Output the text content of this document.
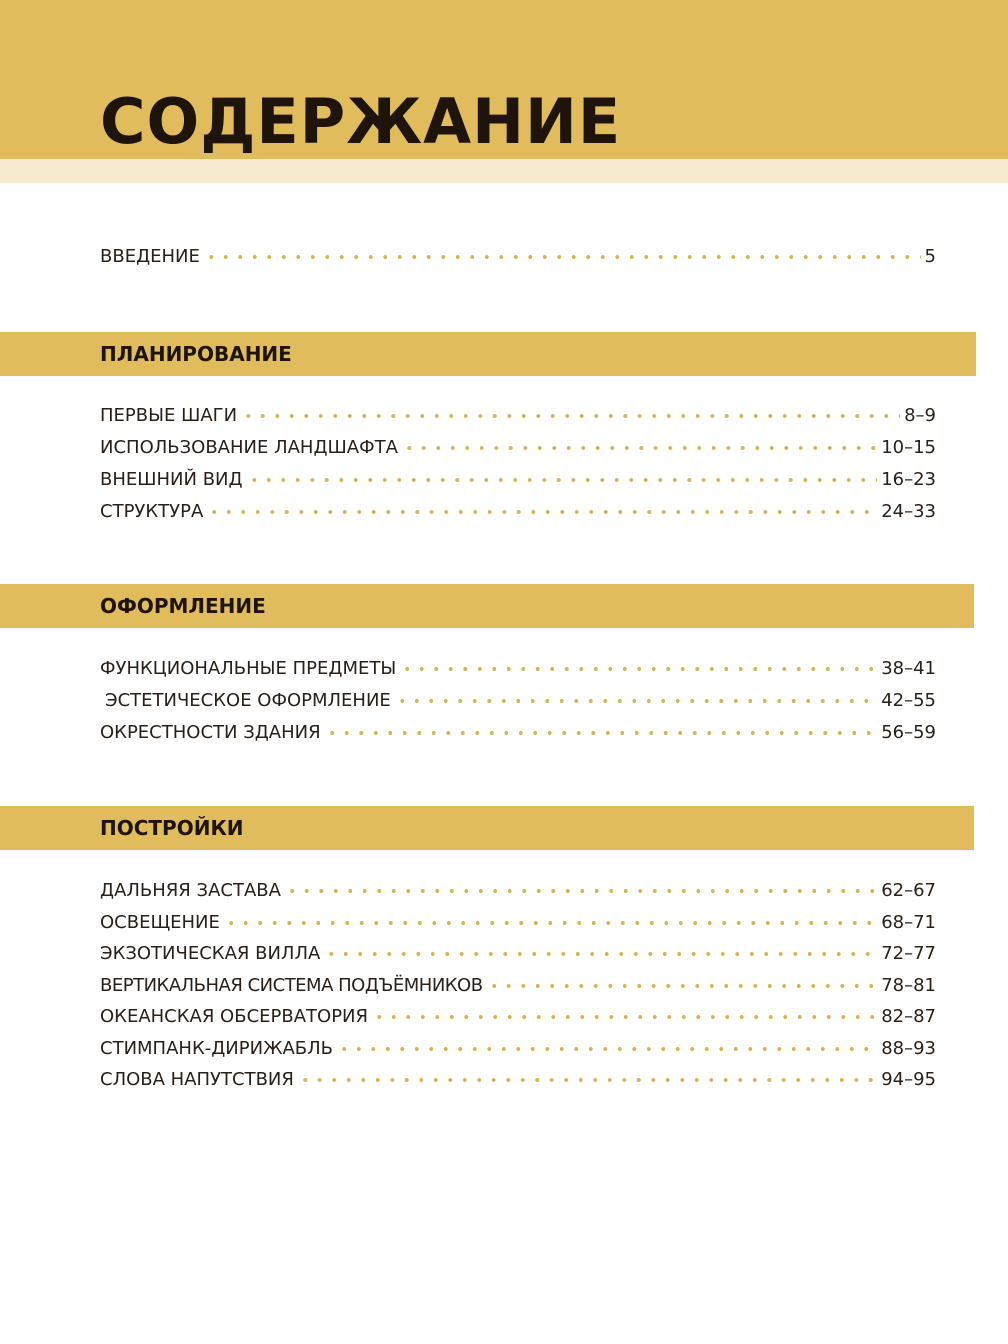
СОДЕРЖАНИЕ
ВВЕДЕНИЕ	5
ПЛАНИРОВАНИЕ
ПЕРВЫЕ ШАГИ	8–9
ИСПОЛЬЗОВАНИЕ ЛАНДШАФТА	10–15
ВНЕШНИЙ ВИД	16–23
СТРУКТУРА	24–33
ОФОРМЛЕНИЕ
ФУНКЦИОНАЛЬНЫЕ ПРЕДМЕТЫ	38–41
ЭСТЕТИЧЕСКОЕ ОФОРМЛЕНИЕ	42–55
ОКРЕСТНОСТИ ЗДАНИЯ	56–59
ПОСТРОЙКИ
ДАЛЬНЯЯ ЗАСТАВА	62–67
ОСВЕЩЕНИЕ	68–71
ЭКЗОТИЧЕСКАЯ ВИЛЛА	72–77
ВЕРТИКАЛЬНАЯ СИСТЕМА ПОДЪЁМНИКОВ	78–81
ОКЕАНСКАЯ ОБСЕРВАТОРИЯ	82–87
СТИМПАНК-ДИРИЖАБЛЬ	88–93
СЛОВА НАПУТСТВИЯ	94–95
